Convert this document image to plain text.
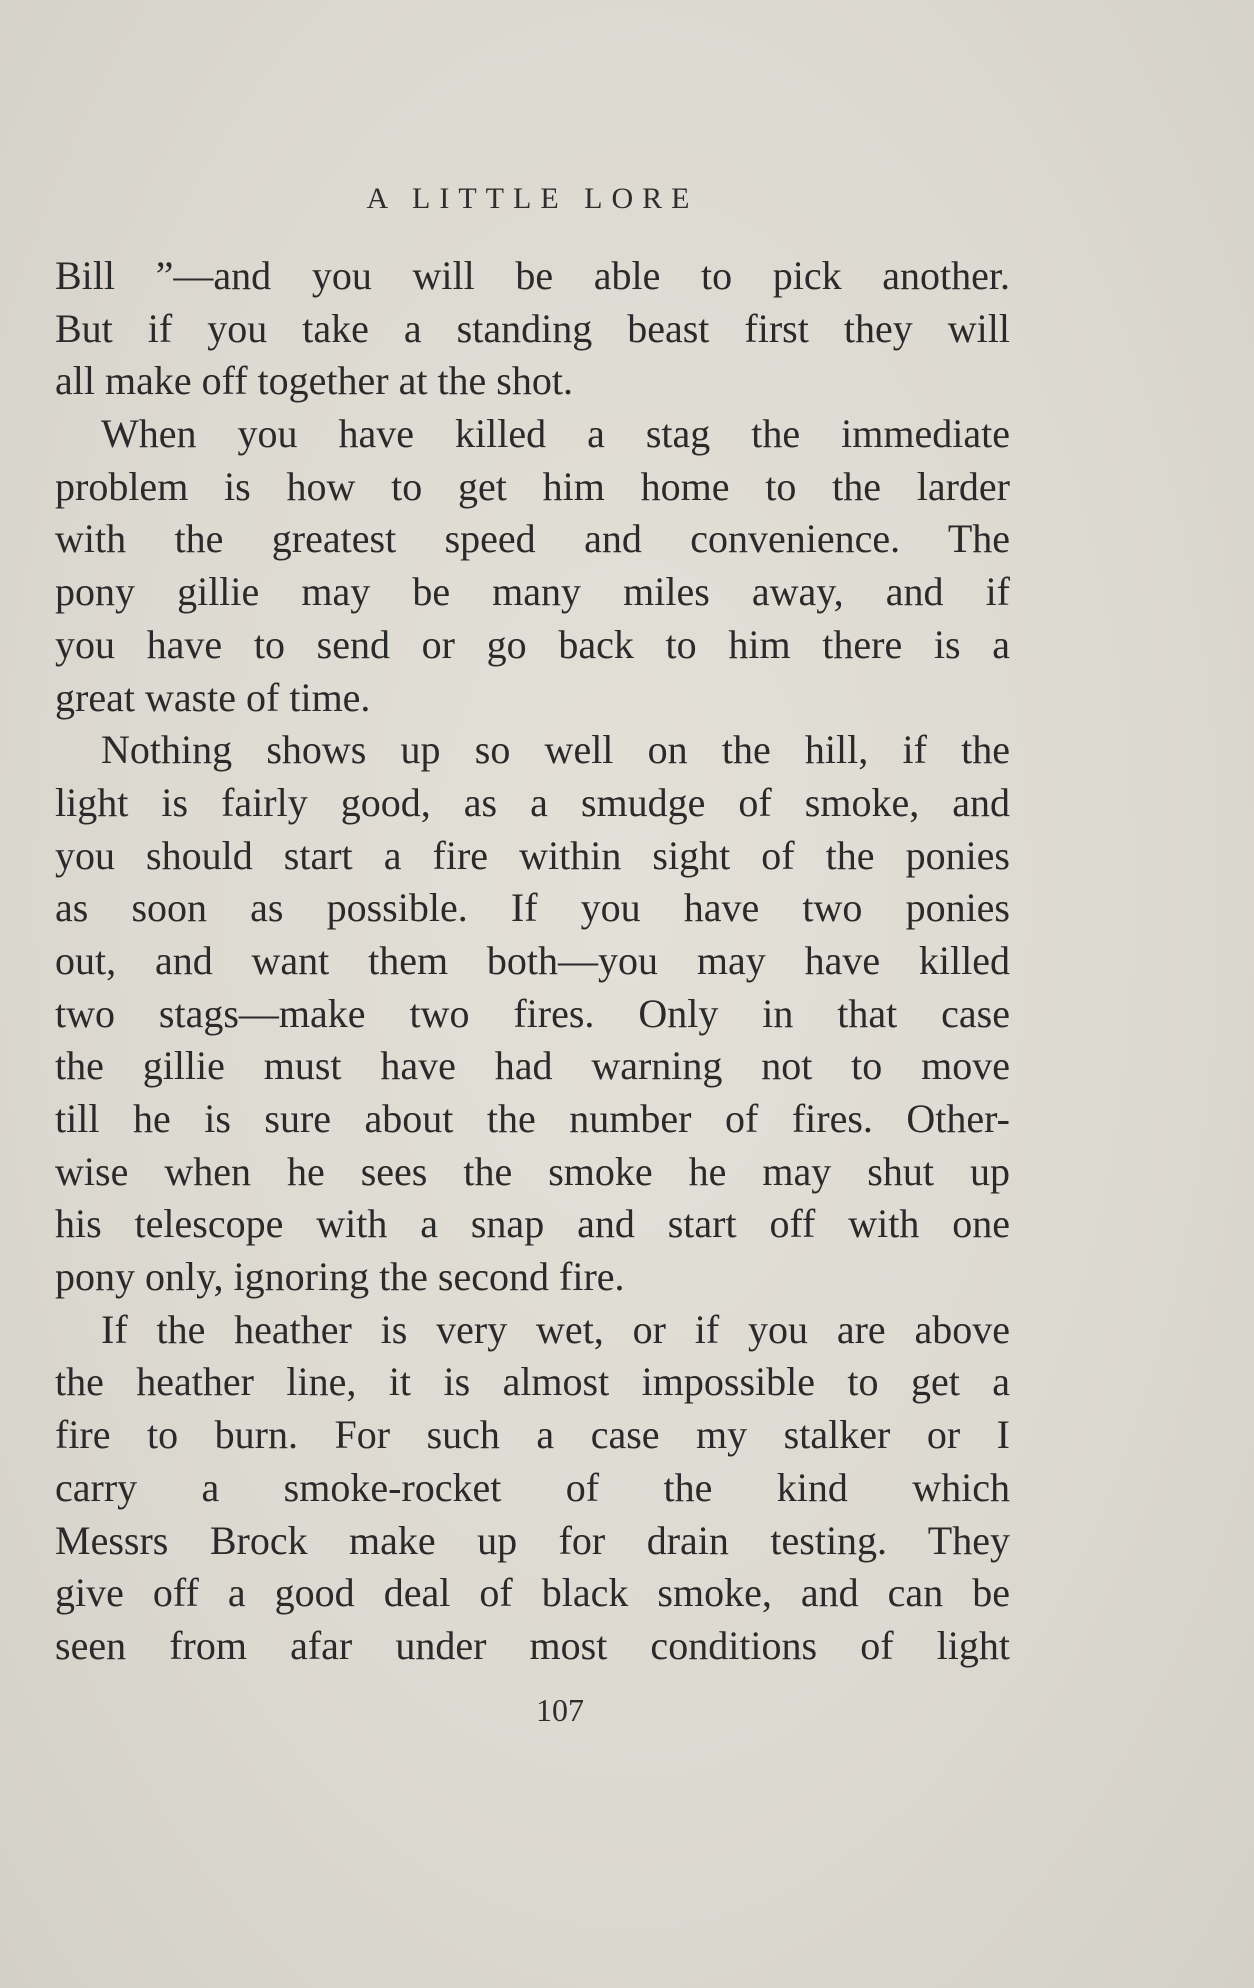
A LITTLE LORE
Bill ”—and you will be able to pick another.
But if you take a standing beast first they will
all make off together at the shot.
When you have killed a stag the immediate
problem is how to get him home to the larder
with the greatest speed and convenience. The
pony gillie may be many miles away, and if
you have to send or go back to him there is a
great waste of time.
Nothing shows up so well on the hill, if the
light is fairly good, as a smudge of smoke, and
you should start a fire within sight of the ponies
as soon as possible. If you have two ponies
out, and want them both—you may have killed
two stags—make two fires. Only in that case
the gillie must have had warning not to move
till he is sure about the number of fires. Other-
wise when he sees the smoke he may shut up
his telescope with a snap and start off with one
pony only, ignoring the second fire.
If the heather is very wet, or if you are above
the heather line, it is almost impossible to get a
fire to burn. For such a case my stalker or I
carry a smoke-rocket of the kind which
Messrs Brock make up for drain testing. They
give off a good deal of black smoke, and can be
seen from afar under most conditions of light
107
